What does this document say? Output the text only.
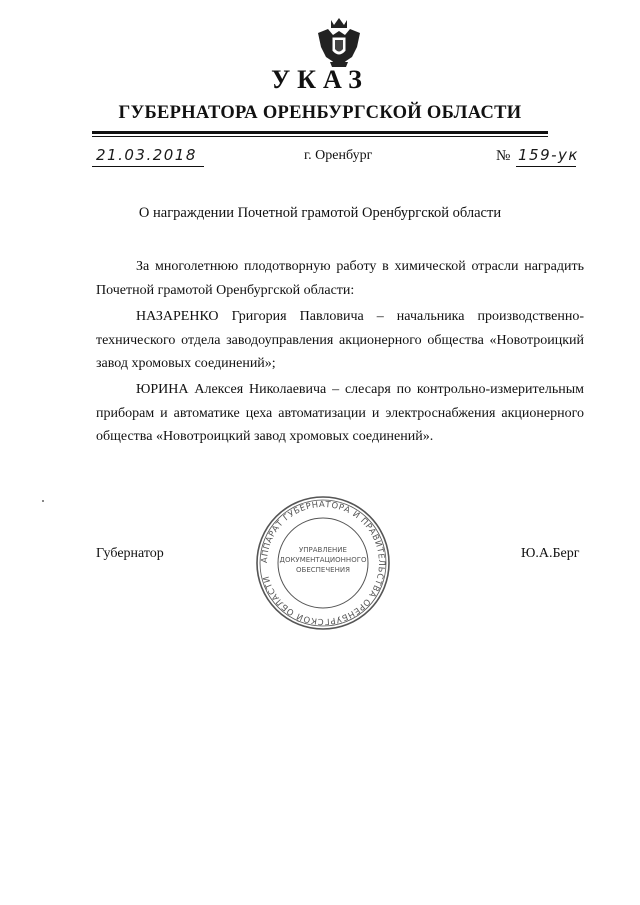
УКАЗ
ГУБЕРНАТОРА ОРЕНБУРГСКОЙ ОБЛАСТИ
21.03.2018	г. Оренбург	№ 159-ук
О награждении Почетной грамотой Оренбургской области
За многолетнюю плодотворную работу в химической отрасли наградить Почетной грамотой Оренбургской области:
НАЗАРЕНКО Григория Павловича – начальника производственно-технического отдела заводоуправления акционерного общества «Новотроицкий завод хромовых соединений»;
ЮРИНА Алексея Николаевича – слесаря по контрольно-измерительным приборам и автоматике цеха автоматизации и электроснабжения акционерного общества «Новотроицкий завод хромовых соединений».
Губернатор	Ю.А.Берг
АППАРАТ ГУБЕРНАТОРА И ПРАВИТЕЛЬСТВА ОРЕНБУРГСКОЙ ОБЛАСТИ
УПРАВЛЕНИЕ
ДОКУМЕНТАЦИОННОГО
ОБЕСПЕЧЕНИЯ
